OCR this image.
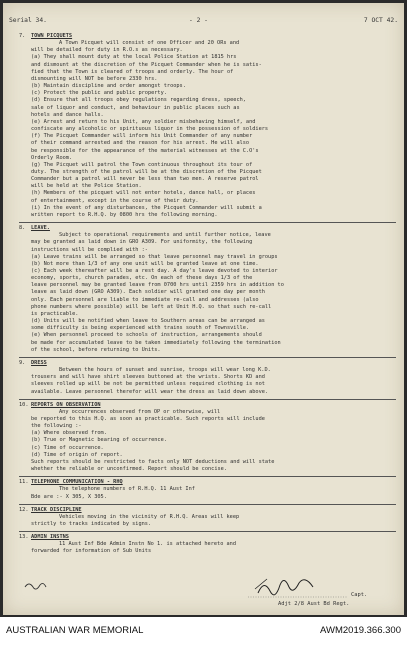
Serial 34.	- 2 -	7 OCT 42.
7. TOWN PICQUETS
A Town Picquet will consist of one Officer and 20 ORs and
will be detailed for duty in R.O.s as necessary.
(a) They shall mount duty at the local Police Station at 1815 hrs
and dismount at the discretion of the Picquet Commander when he is satis-
fied that the Town is cleared of troops and orderly. The hour of
dismounting will NOT be before 2330 hrs.
(b) Maintain discipline and order amongst troops.
(c) Protect the public and public property.
(d) Ensure that all troops obey regulations regarding dress, speech,
sale of liquor and conduct, and behaviour in public places such as
hotels and dance halls.
(e) Arrest and return to his Unit, any soldier misbehaving himself, and
confiscate any alcoholic or spirituous liquor in the possession of soldiers
(f) The Picquet Commander will inform his Unit Commander of any number
of their command arrested and the reason for his arrest. He will also
be responsible for the appearance of the material witnesses at the C.O's
Orderly Room.
(g) The Picquet will patrol the Town continuous throughout its tour of
duty. The strength of the patrol will be at the discretion of the Picquet
Commander but a patrol will never be less than two men. A reserve patrol
will be held at the Police Station.
(h) Members of the picquet will not enter hotels, dance hall, or places
of entertainment, except in the course of their duty.
(i) In the event of any disturbances, the Picquet Commander will submit a
written report to R.H.Q. by 0800 hrs the following morning.
8. LEAVE.
Subject to operational requirements and until further notice, leave
may be granted as laid down in GRO A309. For uniformity, the following
instructions will be complied with :-
(a) Leave trains will be arranged so that leave personnel may travel in groups
(b) Not more than 1/3 of any one unit will be granted leave at one time.
(c) Each week thereafter will be a rest day. A day's leave devoted to interior
economy, sports, church parades, etc. On each of these days 1/3 of the
leave personnel may be granted leave from 0700 hrs until 2359 hrs in addition to
leave as laid down (GRO A309). Each soldier will granted one day per month
only. Each personnel are liable to immediate re-call and addresses (also
phone numbers where possible) will be left at Unit H.Q. so that such re-call
is practicable.
(d) Units will be notified when leave to Southern areas can be arranged as
some difficulty is being experienced with trains south of Townsville.
(e) When personnel proceed to schools of instruction, arrangements should
be made for accumulated leave to be taken immediately following the termination
of the school, before returning to Units.
9. DRESS
Between the hours of sunset and sunrise, troops will wear long K.D.
trousers and will have shirt sleeves buttoned at the wrists. Shorts KD and
sleeves rolled up will be not be permitted unless required clothing is not
available. Leave personnel therefor will wear the dress as laid down above.
10. REPORTS ON OBSERVATION
Any occurrences observed from OP or otherwise, will
be reported to this H.Q. as soon as practicable. Such reports will include
the following :-
(a) Where observed from.
(b) True or Magnetic bearing of occurrence.
(c) Time of occurrence.
(d) Time of origin of report.
Such reports should be restricted to facts only NOT deductions and will state
whether the reliable or unconfirmed. Report should be concise.
11. TELEPHONE COMMUNICATION - RHQ
The telephone numbers of R.H.Q. 11 Aust Inf
Bde are :- X 305, X 305.
12. TRACK DISCIPLINE
Vehicles moving in the vicinity of R.H.Q. Areas will keep
strictly to tracks indicated by signs.
13. ADMIN INSTNS
11 Aust Inf Bde Admin Instn No 1. is attached hereto and
forwarded for information of Sub Units
Capt.
Adjt 2/8 Aust Bd Regt.
AUSTRALIAN WAR MEMORIAL	AWM2019.366.300
